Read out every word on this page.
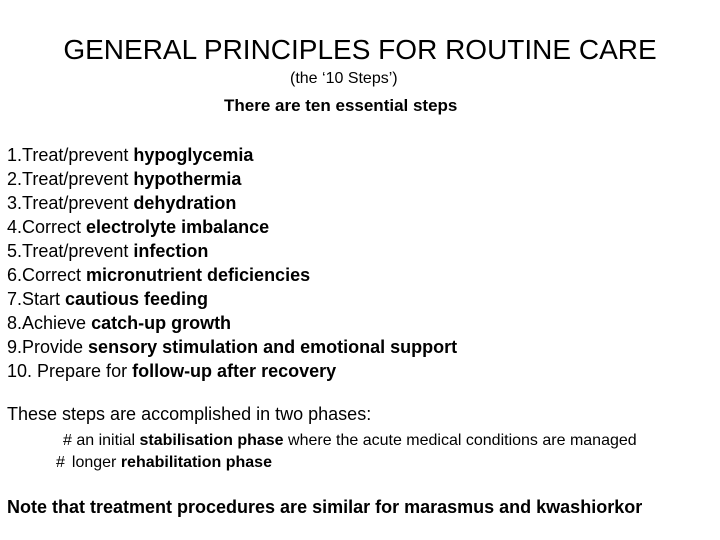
GENERAL PRINCIPLES FOR ROUTINE CARE
(the ‘10 Steps’)
There are ten essential steps
1.Treat/prevent hypoglycemia
2.Treat/prevent hypothermia
3.Treat/prevent dehydration
4.Correct electrolyte imbalance
5.Treat/prevent infection
6.Correct micronutrient deficiencies
7.Start cautious feeding
8.Achieve catch-up growth
9.Provide sensory stimulation and emotional support
10. Prepare for follow-up after recovery
These steps are accomplished in two phases:
# an initial stabilisation phase where the acute medical conditions are managed
# longer rehabilitation phase
Note that treatment procedures are similar for marasmus and kwashiorkor
